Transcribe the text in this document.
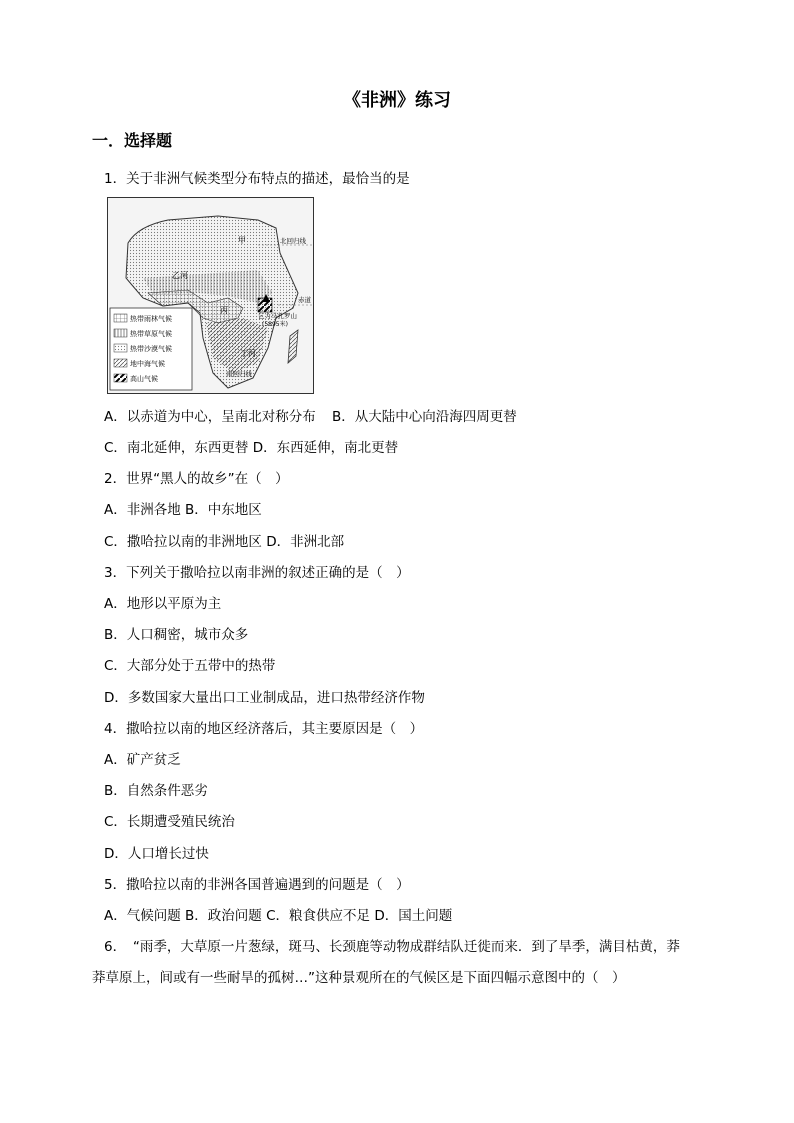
《非洲》练习
一．选择题
1．关于非洲气候类型分布特点的描述，最恰当的是
热带雨林气候
热带草原气候
热带沙漠气候
地中海气候
高山气候
北回归线
赤道
南回归线
甲
乙河
丙
丁河
乞力马扎罗山
(5895米)
A．以赤道为中心，呈南北对称分布 B．从大陆中心向沿海四周更替
C．南北延伸，东西更替 D．东西延伸，南北更替
2．世界“黑人的故乡”在（　）
A．非洲各地 B．中东地区
C．撒哈拉以南的非洲地区 D．非洲北部
3．下列关于撒哈拉以南非洲的叙述正确的是（　）
A．地形以平原为主
B．人口稠密，城市众多
C．大部分处于五带中的热带
D．多数国家大量出口工业制成品，进口热带经济作物
4．撒哈拉以南的地区经济落后，其主要原因是（　）
A．矿产贫乏
B．自然条件恶劣
C．长期遭受殖民统治
D．人口增长过快
5．撒哈拉以南的非洲各国普遍遇到的问题是（　）
A．气候问题 B．政治问题 C．粮食供应不足 D．国土问题
6．　“雨季，大草原一片葱绿，斑马、长颈鹿等动物成群结队迁徙而来．到了旱季，满目枯黄，莽
莽草原上，间或有一些耐旱的孤树…”这种景观所在的气候区是下面四幅示意图中的（　）
